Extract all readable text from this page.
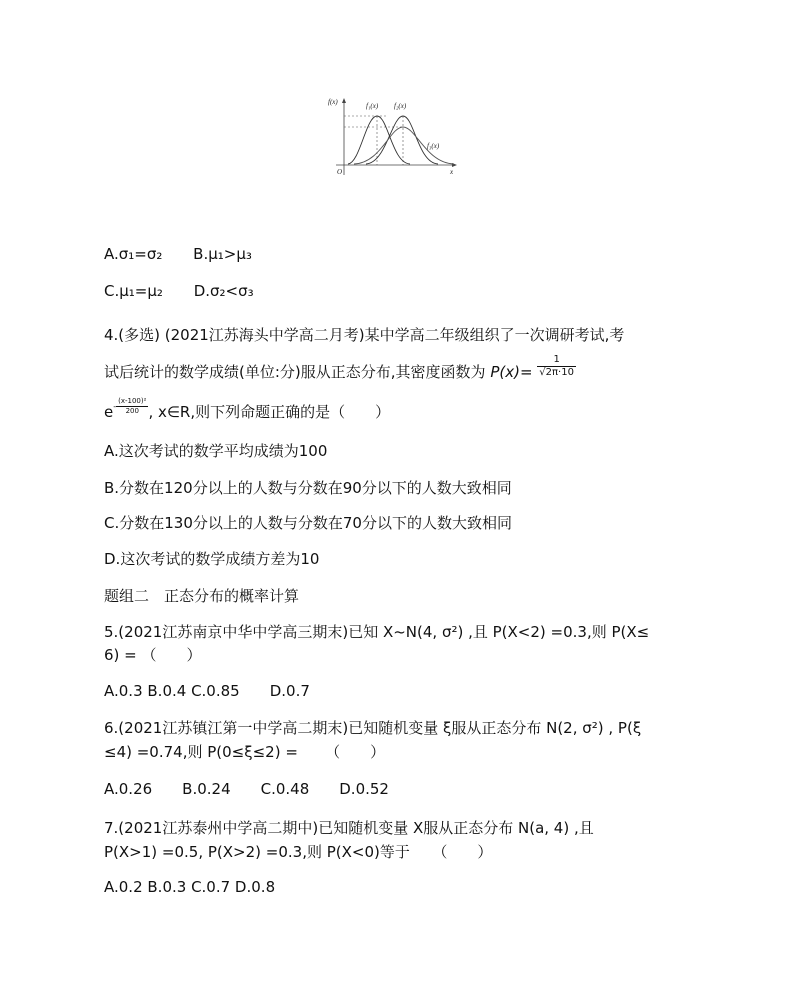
f(x)
O	x
f₁(x) f₂(x)
f₃(x)
A.σ₁=σ₂ B.μ₁>μ₃
C.μ₁=μ₂ D.σ₂<σ₃
4.(多选) (2021江苏海头中学高二月考)某中学高二年级组织了一次调研考试,考
试后统计的数学成绩(单位:分)服从正态分布,其密度函数为 $P(x)= \frac{1}{√2\pi\cdot 10}$
$e^{- \frac{\text{(x-100)²}}{200}}$ , x∈R,则下列命题正确的是（　　）
A.这次考试的数学平均成绩为100
B.分数在120分以上的人数与分数在90分以下的人数大致相同
C.分数在130分以上的人数与分数在70分以下的人数大致相同
D.这次考试的数学成绩方差为10
题组二　正态分布的概率计算
5.(2021江苏南京中华中学高三期末)已知 X~N(4, σ²) ,且 P(X<2) =0.3,则 P(X≤
6) = （　　）
A.0.3 B.0.4 C.0.85　　D.0.7
6.(2021江苏镇江第一中学高二期末)已知随机变量 ξ服从正态分布 N(2, σ²) , P(ξ
≤4) =0.74,则 P(0≤ξ≤2) = 　　（　　）
A.0.26　　B.0.24　　C.0.48　　D.0.52
7.(2021江苏泰州中学高二期中)已知随机变量 X服从正态分布 N(a, 4) ,且
P(X>1) =0.5, P(X>2) =0.3,则 P(X<0)等于　　（　　）
A.0.2 B.0.3 C.0.7 D.0.8
